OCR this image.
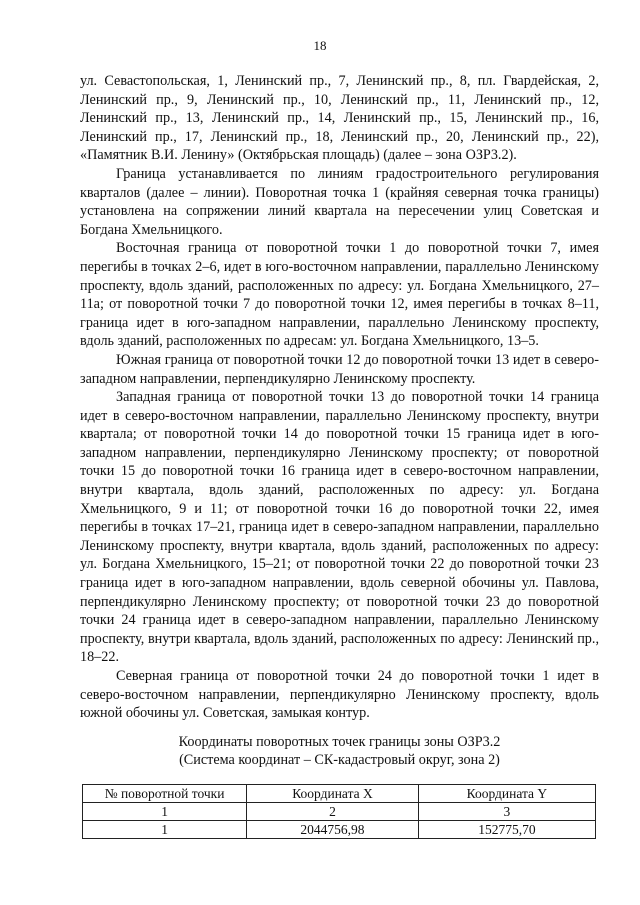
18

ул. Севастопольская, 1, Ленинский пр., 7, Ленинский пр., 8, пл. Гвардейская, 2, Ленинский пр., 9, Ленинский пр., 10, Ленинский пр., 11, Ленинский пр., 12, Ленинский пр., 13, Ленинский пр., 14, Ленинский пр., 15, Ленинский пр., 16, Ленинский пр., 17, Ленинский пр., 18, Ленинский пр., 20, Ленинский пр., 22), «Памятник В.И. Ленину» (Октябрьская площадь) (далее – зона ОЗР3.2).

Граница устанавливается по линиям градостроительного регулирования кварталов (далее – линии). Поворотная точка 1 (крайняя северная точка границы) установлена на сопряжении линий квартала на пересечении улиц Советская и Богдана Хмельницкого.

Восточная граница от поворотной точки 1 до поворотной точки 7, имея перегибы в точках 2–6, идет в юго-восточном направлении, параллельно Ленинскому проспекту, вдоль зданий, расположенных по адресу: ул. Богдана Хмельницкого, 27–11а; от поворотной точки 7 до поворотной точки 12, имея перегибы в точках 8–11, граница идет в юго-западном направлении, параллельно Ленинскому проспекту, вдоль зданий, расположенных по адресам: ул. Богдана Хмельницкого, 13–5.

Южная граница от поворотной точки 12 до поворотной точки 13 идет в северо-западном направлении, перпендикулярно Ленинскому проспекту.

Западная граница от поворотной точки 13 до поворотной точки 14 граница идет в северо-восточном направлении, параллельно Ленинскому проспекту, внутри квартала; от поворотной точки 14 до поворотной точки 15 граница идет в юго-западном направлении, перпендикулярно Ленинскому проспекту; от поворотной точки 15 до поворотной точки 16 граница идет в северо-восточном направлении, внутри квартала, вдоль зданий, расположенных по адресу: ул. Богдана Хмельницкого, 9 и 11; от поворотной точки 16 до поворотной точки 22, имея перегибы в точках 17–21, граница идет в северо-западном направлении, параллельно Ленинскому проспекту, внутри квартала, вдоль зданий, расположенных по адресу: ул. Богдана Хмельницкого, 15–21; от поворотной точки 22 до поворотной точки 23 граница идет в юго-западном направлении, вдоль северной обочины ул. Павлова, перпендикулярно Ленинскому проспекту; от поворотной точки 23 до поворотной точки 24 граница идет в северо-западном направлении, параллельно Ленинскому проспекту, внутри квартала, вдоль зданий, расположенных по адресу: Ленинский пр., 18–22.

Северная граница от поворотной точки 24 до поворотной точки 1 идет в северо-восточном направлении, перпендикулярно Ленинскому проспекту, вдоль южной обочины ул. Советская, замыкая контур.

Координаты поворотных точек границы зоны ОЗР3.2
(Система координат – СК-кадастровый округ, зона 2)
№ поворотной точки	Координата X	Координата Y
1	2	3
1	2044756,98	152775,70
